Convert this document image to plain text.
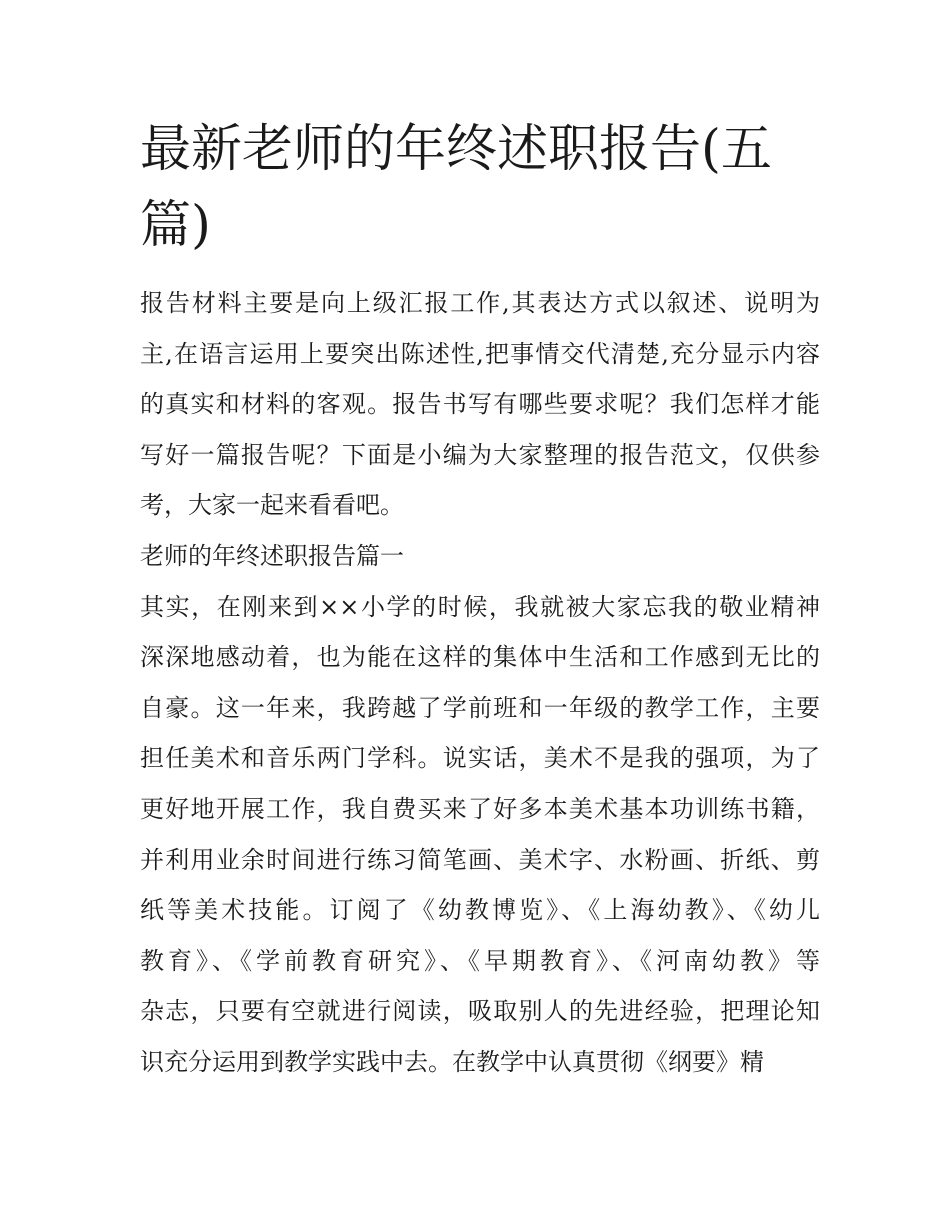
最新老师的年终述职报告(五
篇)
报告材料主要是向上级汇报工作,其表达方式以叙述、说明为
主,在语言运用上要突出陈述性,把事情交代清楚,充分显示内容
的真实和材料的客观。报告书写有哪些要求呢？我们怎样才能
写好一篇报告呢？下面是小编为大家整理的报告范文，仅供参
考，大家一起来看看吧。
老师的年终述职报告篇一
其实，在刚来到××小学的时候，我就被大家忘我的敬业精神
深深地感动着，也为能在这样的集体中生活和工作感到无比的
自豪。这一年来，我跨越了学前班和一年级的教学工作，主要
担任美术和音乐两门学科。说实话，美术不是我的强项，为了
更好地开展工作，我自费买来了好多本美术基本功训练书籍，
并利用业余时间进行练习简笔画、美术字、水粉画、折纸、剪
纸等美术技能。订阅了《幼教博览》、《上海幼教》、《幼儿
教育》、《学前教育研究》、《早期教育》、《河南幼教》等
杂志，只要有空就进行阅读，吸取别人的先进经验，把理论知
识充分运用到教学实践中去。在教学中认真贯彻《纲要》精
